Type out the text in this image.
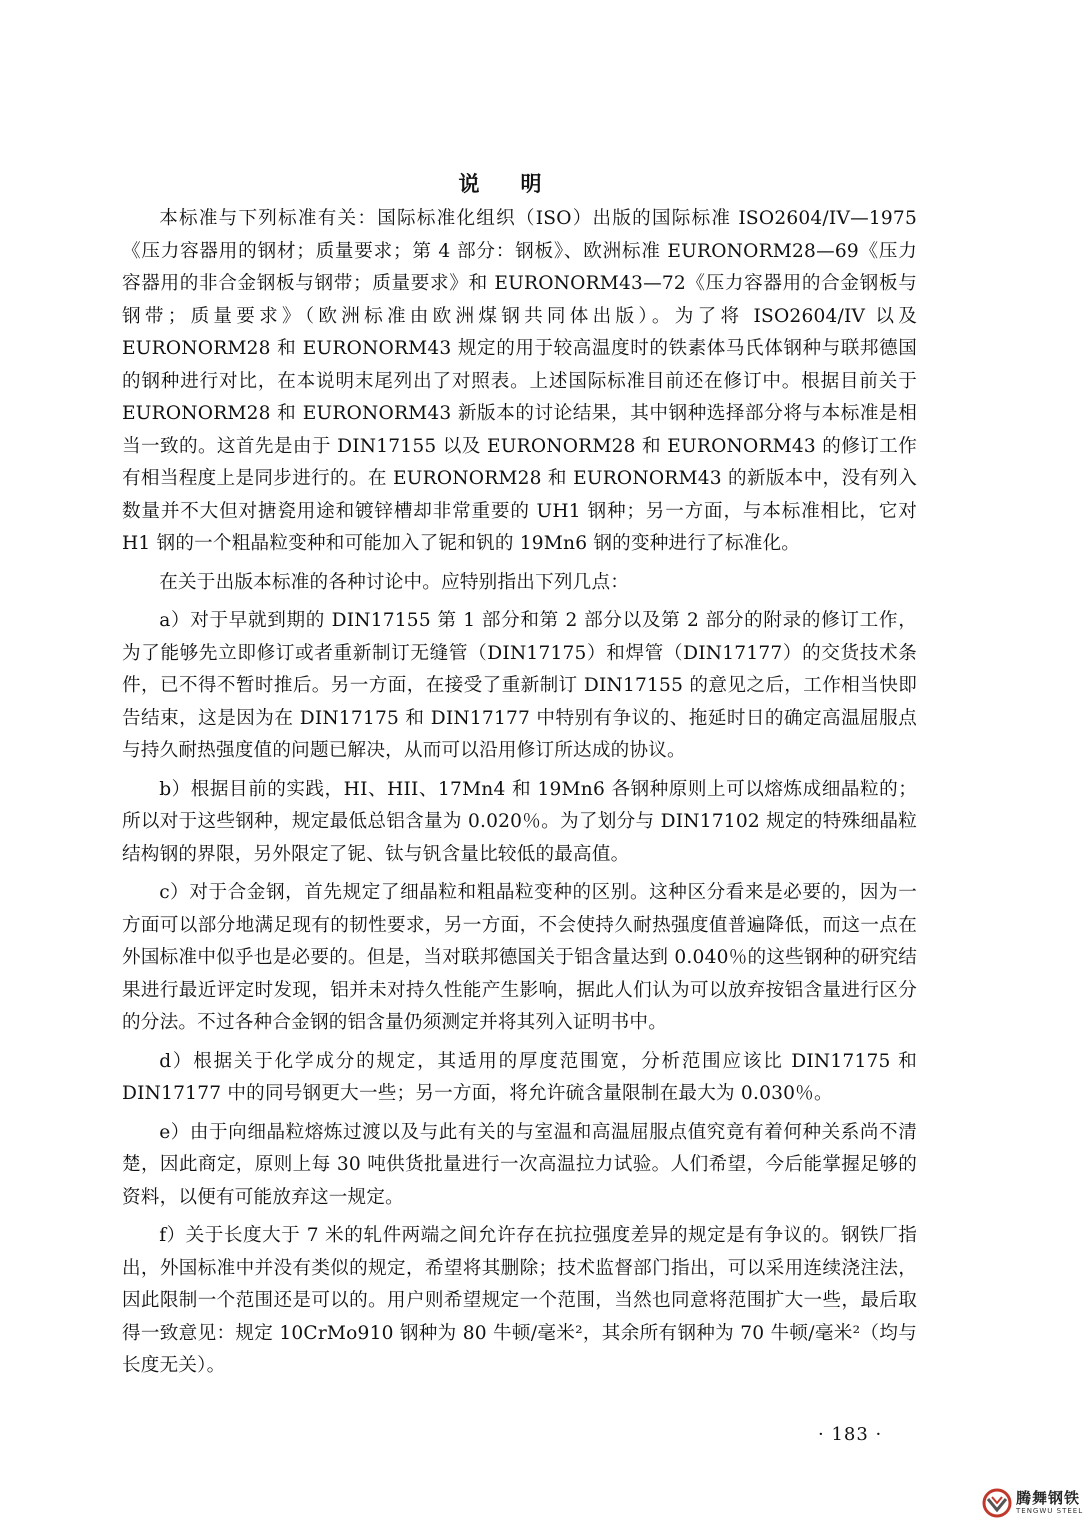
说　明

本标准与下列标准有关：国际标准化组织（ISO）出版的国际标准 ISO2604/IV—1975《压力容器用的钢材；质量要求；第 4 部分：钢板》、欧洲标准 EURONORM28—69《压力容器用的非合金钢板与钢带；质量要求》和 EURONORM43—72《压力容器用的合金钢板与钢带；质量要求》（欧洲标准由欧洲煤钢共同体出版）。为了将 ISO2604/IV 以及 EURONORM28 和 EURONORM43 规定的用于较高温度时的铁素体马氏体钢种与联邦德国的钢种进行对比，在本说明末尾列出了对照表。上述国际标准目前还在修订中。根据目前关于 EURONORM28 和 EURONORM43 新版本的讨论结果，其中钢种选择部分将与本标准是相当一致的。这首先是由于 DIN17155 以及 EURONORM28 和 EURONORM43 的修订工作有相当程度上是同步进行的。在 EURONORM28 和 EURONORM43 的新版本中，没有列入数量并不大但对搪瓷用途和镀锌槽却非常重要的 UH1 钢种；另一方面，与本标准相比，它对 H1 钢的一个粗晶粒变种和可能加入了铌和钒的 19Mn6 钢的变种进行了标准化。

在关于出版本标准的各种讨论中。应特别指出下列几点：

a）对于早就到期的 DIN17155 第 1 部分和第 2 部分以及第 2 部分的附录的修订工作，为了能够先立即修订或者重新制订无缝管（DIN17175）和焊管（DIN17177）的交货技术条件，已不得不暂时推后。另一方面，在接受了重新制订 DIN17155 的意见之后，工作相当快即告结束，这是因为在 DIN17175 和 DIN17177 中特别有争议的、拖延时日的确定高温屈服点与持久耐热强度值的问题已解决，从而可以沿用修订所达成的协议。

b）根据目前的实践，HI、HII、17Mn4 和 19Mn6 各钢种原则上可以熔炼成细晶粒的；所以对于这些钢种，规定最低总铝含量为 0.020％。为了划分与 DIN17102 规定的特殊细晶粒结构钢的界限，另外限定了铌、钛与钒含量比较低的最高值。

c）对于合金钢，首先规定了细晶粒和粗晶粒变种的区别。这种区分看来是必要的，因为一方面可以部分地满足现有的韧性要求，另一方面，不会使持久耐热强度值普遍降低，而这一点在外国标准中似乎也是必要的。但是，当对联邦德国关于铝含量达到 0.040％的这些钢种的研究结果进行最近评定时发现，铝并未对持久性能产生影响，据此人们认为可以放弃按铝含量进行区分的分法。不过各种合金钢的铝含量仍须测定并将其列入证明书中。

d）根据关于化学成分的规定，其适用的厚度范围宽，分析范围应该比 DIN17175 和 DIN17177 中的同号钢更大一些；另一方面，将允许硫含量限制在最大为 0.030％。

e）由于向细晶粒熔炼过渡以及与此有关的与室温和高温屈服点值究竟有着何种关系尚不清楚，因此商定，原则上每 30 吨供货批量进行一次高温拉力试验。人们希望，今后能掌握足够的资料，以便有可能放弃这一规定。

f）关于长度大于 7 米的轧件两端之间允许存在抗拉强度差异的规定是有争议的。钢铁厂指出，外国标准中并没有类似的规定，希望将其删除；技术监督部门指出，可以采用连续浇注法，因此限制一个范围还是可以的。用户则希望规定一个范围，当然也同意将范围扩大一些，最后取得一致意见：规定 10CrMo910 钢种为 80 牛顿/毫米²，其余所有钢种为 70 牛顿/毫米²（均与长度无关）。

· 183 ·
腾舞钢铁
TENGWU STEEL
